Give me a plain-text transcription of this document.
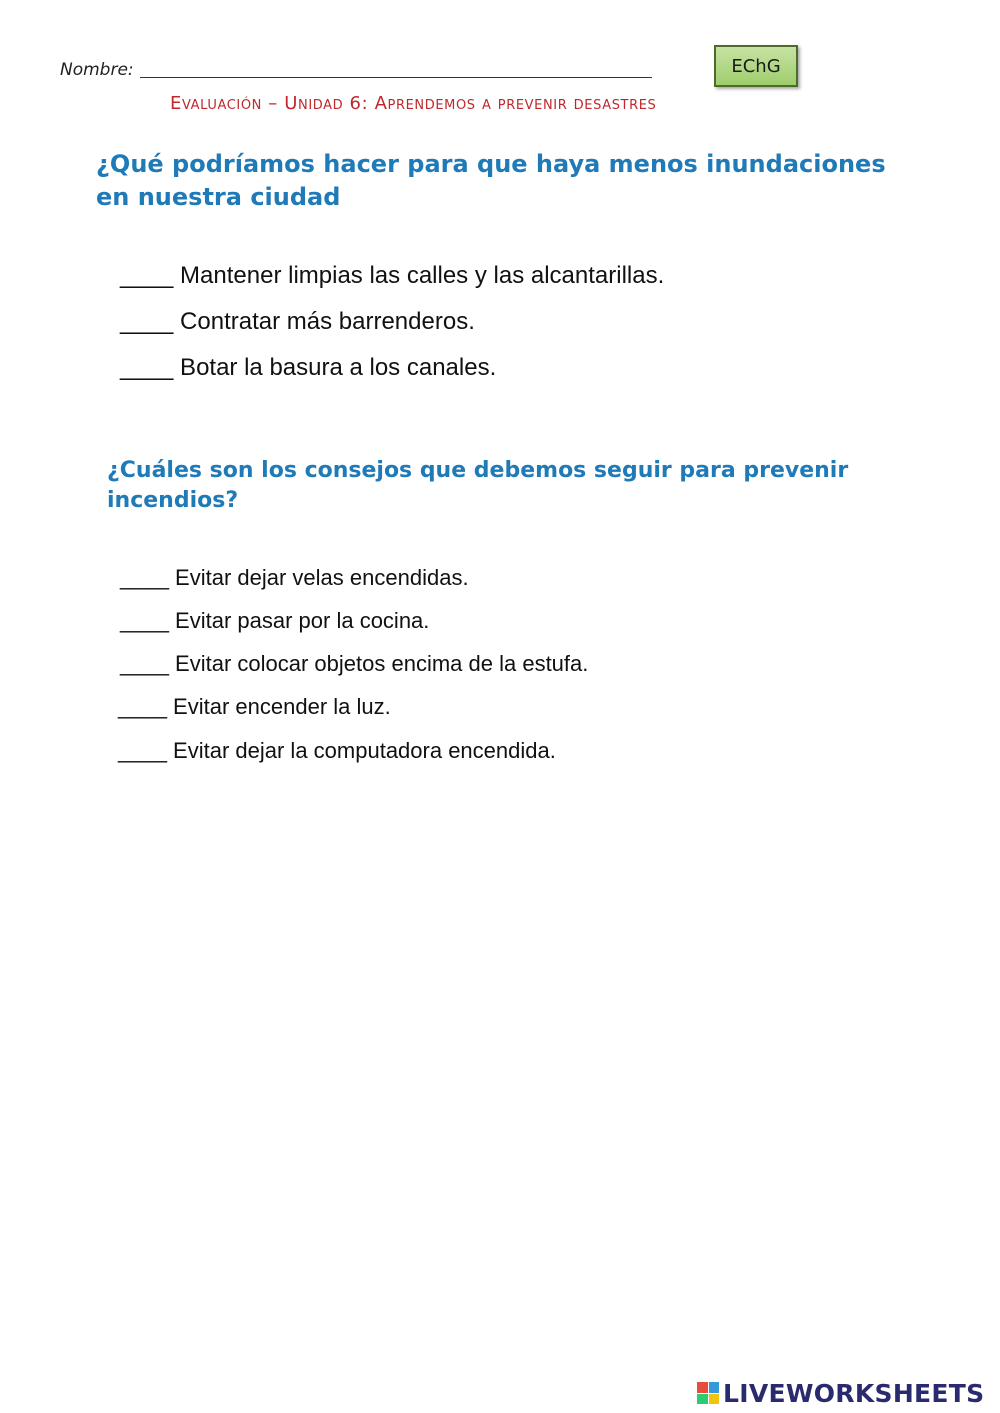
Nombre:	EChG
Evaluación – Unidad 6: Aprendemos a prevenir desastres
¿Qué podríamos hacer para que haya menos inundaciones en nuestra ciudad
____ Mantener limpias las calles y las alcantarillas.
____ Contratar más barrenderos.
____ Botar la basura a los canales.
¿Cuáles son los consejos que debemos seguir para prevenir incendios?
____ Evitar dejar velas encendidas.
____ Evitar pasar por la cocina.
____ Evitar colocar objetos encima de la estufa.
____ Evitar encender la luz.
____ Evitar dejar la computadora encendida.
LIVEWORKSHEETS
